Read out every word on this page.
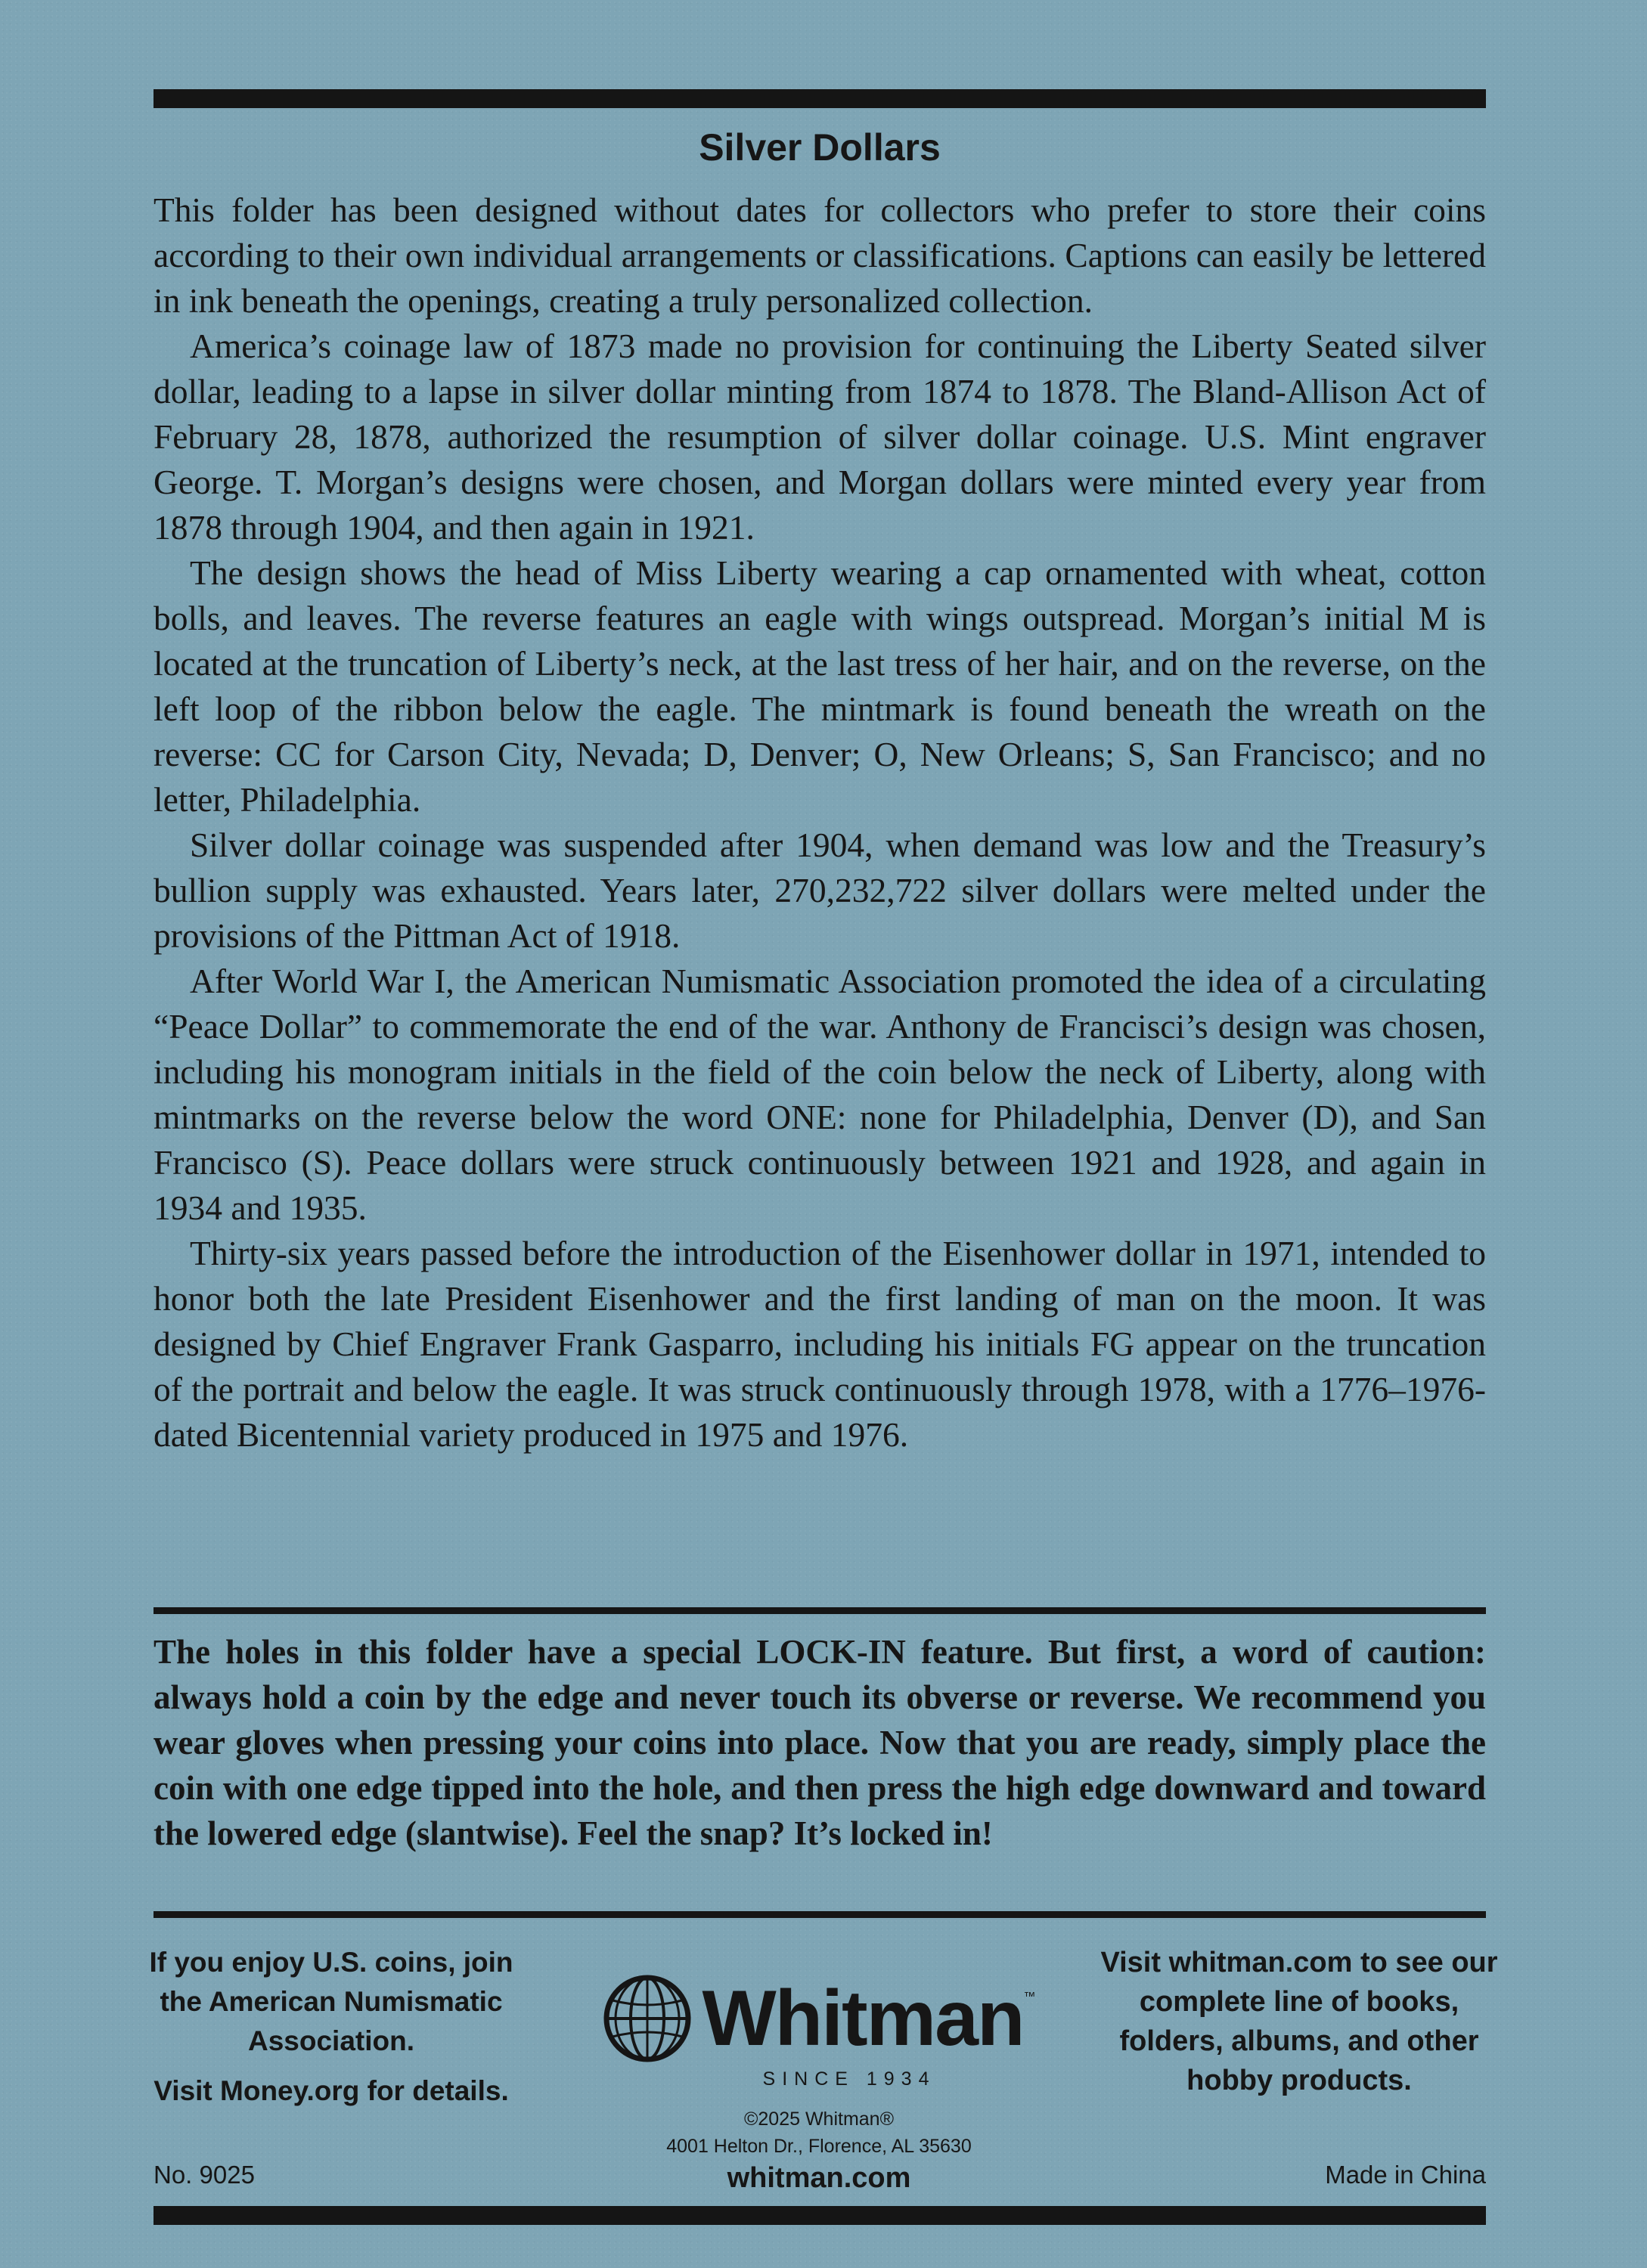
Silver Dollars

This folder has been designed without dates for collectors who prefer to store their coins according to their own individual arrangements or classifications. Captions can easily be lettered in ink beneath the openings, creating a truly personalized collection.

America’s coinage law of 1873 made no provision for continuing the Liberty Seated silver dollar, leading to a lapse in silver dollar minting from 1874 to 1878. The Bland-Allison Act of February 28, 1878, authorized the resumption of silver dollar coinage. U.S. Mint engraver George. T. Morgan’s designs were chosen, and Morgan dollars were minted every year from 1878 through 1904, and then again in 1921.

The design shows the head of Miss Liberty wearing a cap ornamented with wheat, cotton bolls, and leaves. The reverse features an eagle with wings outspread. Morgan’s initial M is located at the truncation of Liberty’s neck, at the last tress of her hair, and on the reverse, on the left loop of the ribbon below the eagle. The mintmark is found beneath the wreath on the reverse: CC for Carson City, Nevada; D, Denver; O, New Orleans; S, San Francisco; and no letter, Philadelphia.

Silver dollar coinage was suspended after 1904, when demand was low and the Treasury’s bullion supply was exhausted. Years later, 270,232,722 silver dollars were melted under the provisions of the Pittman Act of 1918.

After World War I, the American Numismatic Association promoted the idea of a circulating “Peace Dollar” to commemorate the end of the war. Anthony de Francisci’s design was chosen, including his monogram initials in the field of the coin below the neck of Liberty, along with mintmarks on the reverse below the word ONE: none for Philadelphia, Denver (D), and San Francisco (S). Peace dollars were struck continuously between 1921 and 1928, and again in 1934 and 1935.

Thirty-six years passed before the introduction of the Eisenhower dollar in 1971, intended to honor both the late President Eisenhower and the first landing of man on the moon. It was designed by Chief Engraver Frank Gasparro, including his initials FG appear on the truncation of the portrait and below the eagle. It was struck continuously through 1978, with a 1776–1976-dated Bicentennial variety produced in 1975 and 1976.

The holes in this folder have a special LOCK-IN feature. But first, a word of caution: always hold a coin by the edge and never touch its obverse or reverse. We recommend you wear gloves when pressing your coins into place. Now that you are ready, simply place the coin with one edge tipped into the hole, and then press the high edge downward and toward the lowered edge (slantwise). Feel the snap? It’s locked in!

If you enjoy U.S. coins, join the American Numismatic Association.

Visit Money.org for details.

Whitman ™
SINCE 1934
©2025 Whitman®
4001 Helton Dr., Florence, AL 35630
whitman.com

Visit whitman.com to see our complete line of books, folders, albums, and other hobby products.

No. 9025	Made in China
